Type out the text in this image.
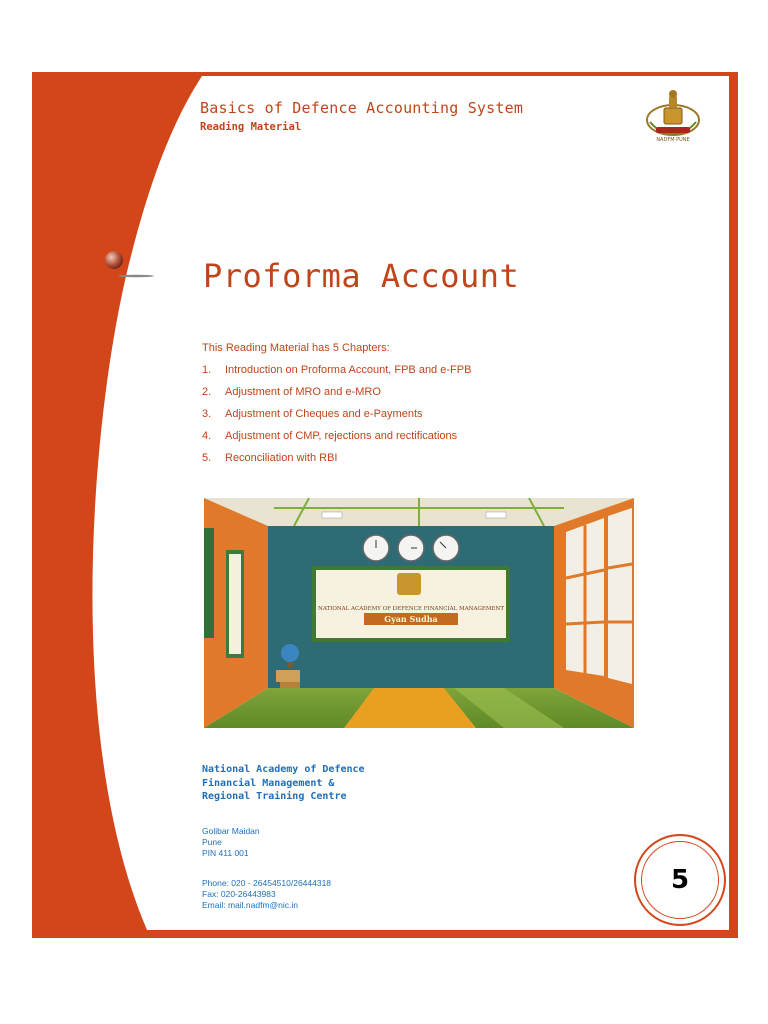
Basics of Defence Accounting System
Reading Material
NADFM PUNE
Proforma Account
This Reading Material has 5 Chapters:
1. Introduction on Proforma Account, FPB and e-FPB
2. Adjustment of MRO and e-MRO
3. Adjustment of Cheques and e-Payments
4. Adjustment of CMP, rejections and rectifications
5. Reconciliation with RBI
NATIONAL ACADEMY OF DEFENCE FINANCIAL MANAGEMENT
Gyan Sudha
National Academy of Defence
Financial Management &
Regional Training Centre
Golibar Maidan
Pune
PIN 411 001
Phone: 020 - 26454510/26444318
Fax: 020-26443983
Email: mail.nadfm@nic.in
5
